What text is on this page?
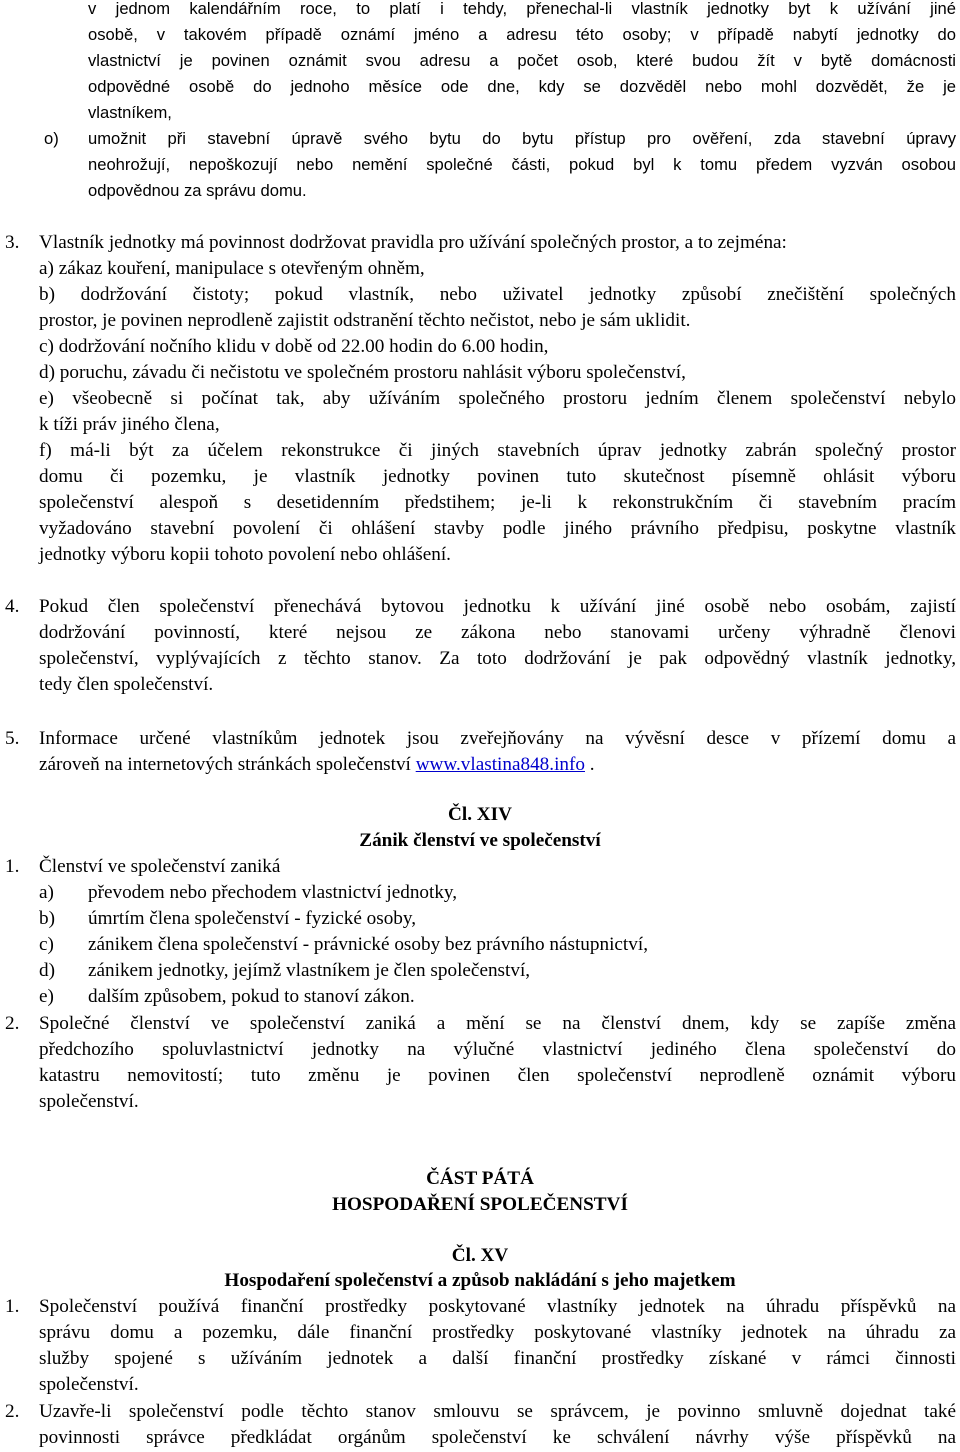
v jednom kalendářním roce, to platí i tehdy, přenechal-li vlastník jednotky byt k užívání jiné
osobě, v takovém případě oznámí jméno a adresu této osoby; v případě nabytí jednotky do
vlastnictví je povinen oznámit svou adresu a počet osob, které budou žít v bytě domácnosti
odpovědné osobě do jednoho měsíce ode dne, kdy se dozvěděl nebo mohl dozvědět, že je
vlastníkem,
o) umožnit při stavební úpravě svého bytu do bytu přístup pro ověření, zda stavební úpravy
neohrožují, nepoškozují nebo nemění společné části, pokud byl k tomu předem vyzván osobou
odpovědnou za správu domu.
3. Vlastník jednotky má povinnost dodržovat pravidla pro užívání společných prostor, a to zejména:
a) zákaz kouření, manipulace s otevřeným ohněm,
b) dodržování čistoty; pokud vlastník, nebo uživatel jednotky způsobí znečištění společných
prostor, je povinen neprodleně zajistit odstranění těchto nečistot, nebo je sám uklidit.
c) dodržování nočního klidu v době od 22.00 hodin do 6.00 hodin,
d) poruchu, závadu či nečistotu ve společném prostoru nahlásit výboru společenství,
e) všeobecně si počínat tak, aby užíváním společného prostoru jedním členem společenství nebylo
k tíži práv jiného člena,
f) má-li být za účelem rekonstrukce či jiných stavebních úprav jednotky zabrán společný prostor
domu či pozemku, je vlastník jednotky povinen tuto skutečnost písemně ohlásit výboru
společenství alespoň s desetidenním předstihem; je-li k rekonstrukčním či stavebním pracím
vyžadováno stavební povolení či ohlášení stavby podle jiného právního předpisu, poskytne vlastník
jednotky výboru kopii tohoto povolení nebo ohlášení.
4. Pokud člen společenství přenechává bytovou jednotku k užívání jiné osobě nebo osobám, zajistí
dodržování povinností, které nejsou ze zákona nebo stanovami určeny výhradně členovi
společenství, vyplývajících z těchto stanov. Za toto dodržování je pak odpovědný vlastník jednotky,
tedy člen společenství.
5. Informace určené vlastníkům jednotek jsou zveřejňovány na vývěsní desce v přízemí domu a
zároveň na internetových stránkách společenství www.vlastina848.info .
Čl. XIV
Zánik členství ve společenství
1. Členství ve společenství zaniká
a) převodem nebo přechodem vlastnictví jednotky,
b) úmrtím člena společenství - fyzické osoby,
c) zánikem člena společenství - právnické osoby bez právního nástupnictví,
d) zánikem jednotky, jejímž vlastníkem je člen společenství,
e) dalším způsobem, pokud to stanoví zákon.
2. Společné členství ve společenství zaniká a mění se na členství dnem, kdy se zapíše změna
předchozího spoluvlastnictví jednotky na výlučné vlastnictví jediného člena společenství do
katastru nemovitostí; tuto změnu je povinen člen společenství neprodleně oznámit výboru
společenství.
ČÁST PÁTÁ
HOSPODAŘENÍ SPOLEČENSTVÍ
Čl. XV
Hospodaření společenství a způsob nakládání s jeho majetkem
1. Společenství používá finanční prostředky poskytované vlastníky jednotek na úhradu příspěvků na
správu domu a pozemku, dále finanční prostředky poskytované vlastníky jednotek na úhradu za
služby spojené s užíváním jednotek a další finanční prostředky získané v rámci činnosti
společenství.
2. Uzavře-li společenství podle těchto stanov smlouvu se správcem, je povinno smluvně dojednat také
povinnosti správce předkládat orgánům společenství ke schválení návrhy výše příspěvků na
